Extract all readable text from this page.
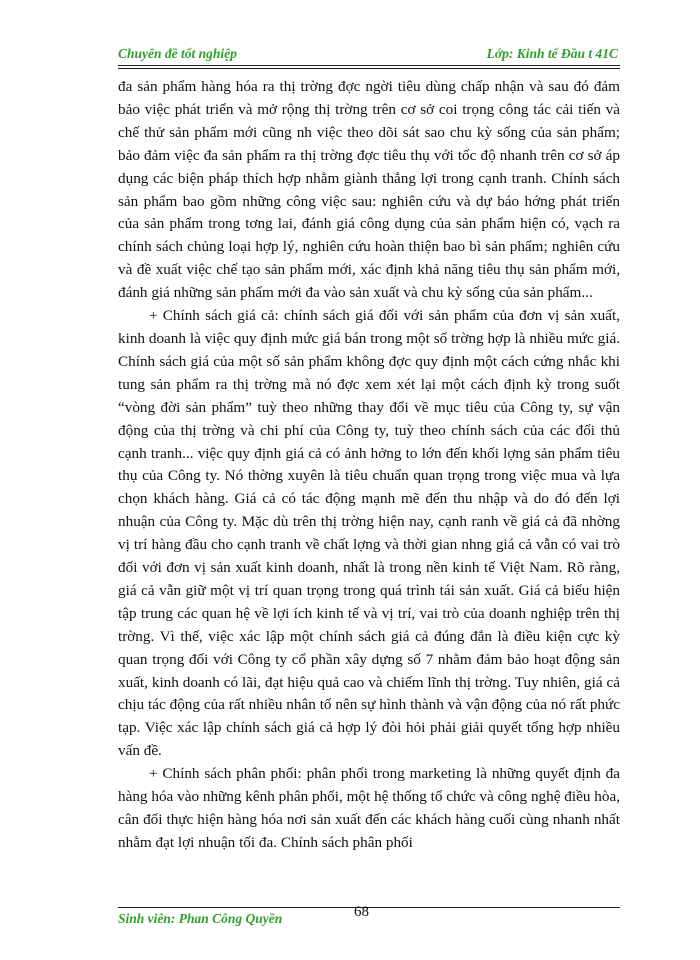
Chuyên đề tốt nghiệp	Lớp: Kinh tế Đầu t 41C

đa sản phẩm hàng hóa ra thị trờng đợc ngời tiêu dùng chấp nhận và sau đó đảm bảo việc phát triển và mở rộng thị trờng trên cơ sở coi trọng công tác cải tiến và chế thử sản phẩm mới cũng nh việc theo dõi sát sao chu kỳ sống của sản phẩm; bảo đảm việc đa sản phẩm ra thị trờng đợc tiêu thụ với tốc độ nhanh trên cơ sở áp dụng các biện pháp thích hợp nhằm giành thắng lợi trong cạnh tranh. Chính sách sản phẩm bao gồm những công việc sau: nghiên cứu và dự báo hớng phát triển của sản phẩm trong tơng lai, đánh giá công dụng của sản phẩm hiện có, vạch ra chính sách chủng loại hợp lý, nghiên cứu hoàn thiện bao bì sản phẩm; nghiên cứu và đề xuất việc chế tạo sản phẩm mới, xác định khả năng tiêu thụ sản phẩm mới, đánh giá những sản phẩm mới đa vào sản xuất và chu kỳ sống của sản phẩm...

+ Chính sách giá cả: chính sách giá đối với sản phẩm của đơn vị sản xuất, kinh doanh là việc quy định mức giá bán trong một số trờng hợp là nhiều mức giá. Chính sách giá của một số sản phẩm không đợc quy định một cách cứng nhắc khi tung sản phẩm ra thị trờng mà nó đợc xem xét lại một cách định kỳ trong suốt “vòng đời sản phẩm” tuỳ theo những thay đổi về mục tiêu của Công ty, sự vận động của thị trờng và chi phí của Công ty, tuỳ theo chính sách của các đối thủ cạnh tranh... việc quy định giá cả có ảnh hởng to lớn đến khối lợng sản phẩm tiêu thụ của Công ty. Nó thờng xuyên là tiêu chuẩn quan trọng trong việc mua và lựa chọn khách hàng. Giá cả có tác động mạnh mẽ đến thu nhập và do đó đến lợi nhuận của Công ty. Mặc dù trên thị trờng hiện nay, cạnh ranh về giá cả đã nhờng vị trí hàng đầu cho cạnh tranh về chất lợng và thời gian nhng giá cả vẫn có vai trò đối với đơn vị sản xuất kinh doanh, nhất là trong nền kinh tế Việt Nam. Rõ ràng, giá cả vẫn giữ một vị trí quan trọng trong quá trình tái sản xuất. Giá cả biểu hiện tập trung các quan hệ về lợi ích kinh tế và vị trí, vai trò của doanh nghiệp trên thị trờng. Vì thế, việc xác lập một chính sách giá cả đúng đắn là điều kiện cực kỳ quan trọng đối với Công ty cổ phần xây dựng số 7 nhằm đảm bảo hoạt động sản xuất, kinh doanh có lãi, đạt hiệu quả cao và chiếm lĩnh thị trờng. Tuy nhiên, giá cả chịu tác động của rất nhiều nhân tố nên sự hình thành và vận động của nó rất phức tạp. Việc xác lập chính sách giá cả hợp lý đòi hỏi phải giải quyết tổng hợp nhiều vấn đề.

+ Chính sách phân phối: phân phối trong marketing là những quyết định đa hàng hóa vào những kênh phân phối, một hệ thống tổ chức và công nghệ điều hòa, cân đối thực hiện hàng hóa nơi sản xuất đến các khách hàng cuối cùng nhanh nhất nhằm đạt lợi nhuận tối đa. Chính sách phân phối

Sinh viên: Phan Công Quyền	68
